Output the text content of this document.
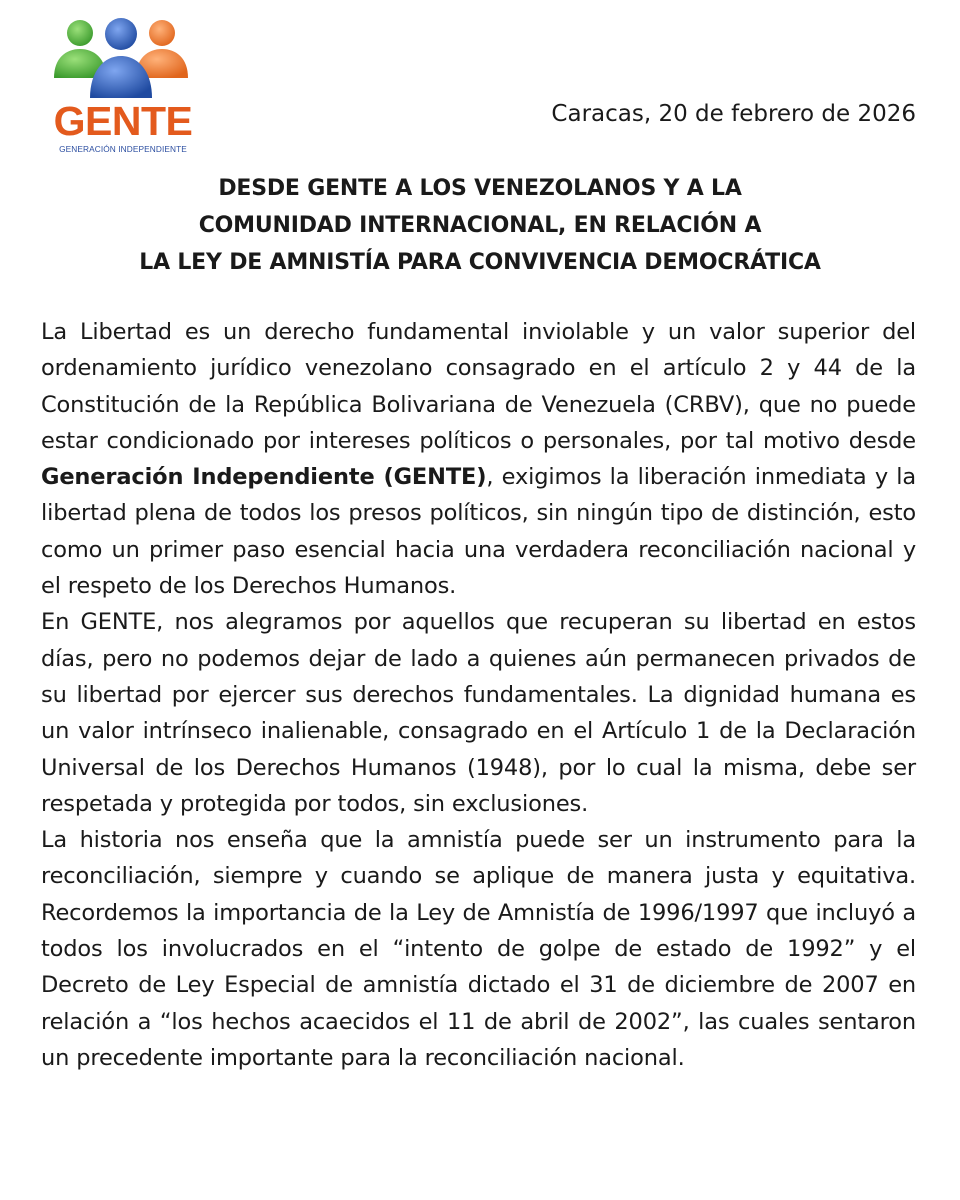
GENTE
GENERACIÓN INDEPENDIENTE
Caracas, 20 de febrero de 2026
DESDE GENTE A LOS VENEZOLANOS Y A LA
COMUNIDAD INTERNACIONAL, EN RELACIÓN A
LA LEY DE AMNISTÍA PARA CONVIVENCIA DEMOCRÁTICA

La Libertad es un derecho fundamental inviolable y un valor superior del ordenamiento jurídico venezolano consagrado en el artículo 2 y 44 de la Constitución de la República Bolivariana de Venezuela (CRBV), que no puede estar condicionado por intereses políticos o personales, por tal motivo desde Generación Independiente (GENTE), exigimos la liberación inmediata y la libertad plena de todos los presos políticos, sin ningún tipo de distinción, esto como un primer paso esencial hacia una verdadera reconciliación nacional y el respeto de los Derechos Humanos.

En GENTE, nos alegramos por aquellos que recuperan su libertad en estos días, pero no podemos dejar de lado a quienes aún permanecen privados de su libertad por ejercer sus derechos fundamentales. La dignidad humana es un valor intrínseco inalienable, consagrado en el Artículo 1 de la Declaración Universal de los Derechos Humanos (1948), por lo cual la misma, debe ser respetada y protegida por todos, sin exclusiones.

La historia nos enseña que la amnistía puede ser un instrumento para la reconciliación, siempre y cuando se aplique de manera justa y equitativa. Recordemos la importancia de la Ley de Amnistía de 1996/1997 que incluyó a todos los involucrados en el “intento de golpe de estado de 1992” y el Decreto de Ley Especial de amnistía dictado el 31 de diciembre de 2007 en relación a “los hechos acaecidos el 11 de abril de 2002”, las cuales sentaron un precedente importante para la reconciliación nacional.
